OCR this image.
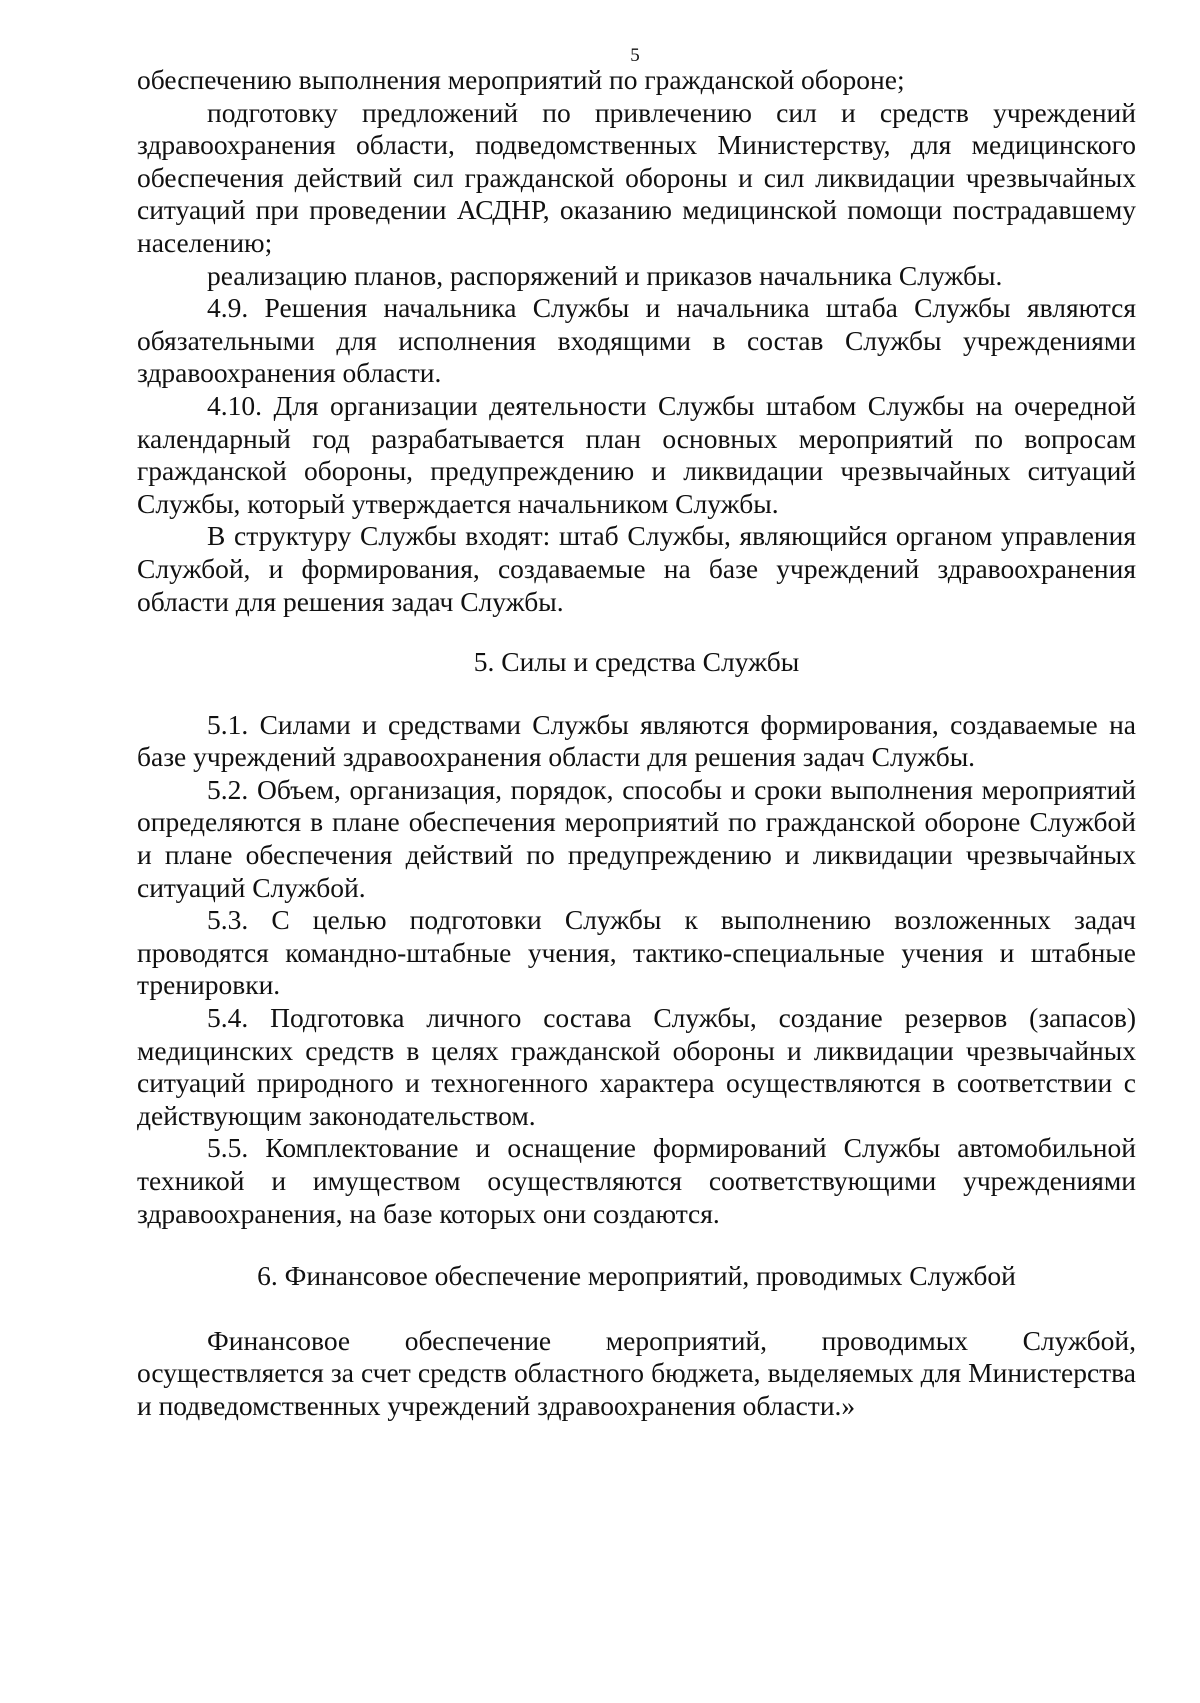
5

обеспечению выполнения мероприятий по гражданской обороне;

подготовку предложений по привлечению сил и средств учреждений здравоохранения области, подведомственных Министерству, для медицинского обеспечения действий сил гражданской обороны и сил ликвидации чрезвычайных ситуаций при проведении АСДНР, оказанию медицинской помощи пострадавшему населению;

реализацию планов, распоряжений и приказов начальника Службы.

4.9. Решения начальника Службы и начальника штаба Службы являются обязательными для исполнения входящими в состав Службы учреждениями здравоохранения области.

4.10. Для организации деятельности Службы штабом Службы на очередной календарный год разрабатывается план основных мероприятий по вопросам гражданской обороны, предупреждению и ликвидации чрезвычайных ситуаций Службы, который утверждается начальником Службы.

В структуру Службы входят: штаб Службы, являющийся органом управления Службой, и формирования, создаваемые на базе учреждений здравоохранения области для решения задач Службы.

5. Силы и средства Службы

5.1. Силами и средствами Службы являются формирования, создаваемые на базе учреждений здравоохранения области для решения задач Службы.

5.2. Объем, организация, порядок, способы и сроки выполнения мероприятий определяются в плане обеспечения мероприятий по гражданской обороне Службой и плане обеспечения действий по предупреждению и ликвидации чрезвычайных ситуаций Службой.

5.3. С целью подготовки Службы к выполнению возложенных задач проводятся командно-штабные учения, тактико-специальные учения и штабные тренировки.

5.4. Подготовка личного состава Службы, создание резервов (запасов) медицинских средств в целях гражданской обороны и ликвидации чрезвычайных ситуаций природного и техногенного характера осуществляются в соответствии с действующим законодательством.

5.5. Комплектование и оснащение формирований Службы автомобильной техникой и имуществом осуществляются соответствующими учреждениями здравоохранения, на базе которых они создаются.

6. Финансовое обеспечение мероприятий, проводимых Службой

Финансовое обеспечение мероприятий, проводимых Службой, осуществляется за счет средств областного бюджета, выделяемых для Министерства и подведомственных учреждений здравоохранения области.»
